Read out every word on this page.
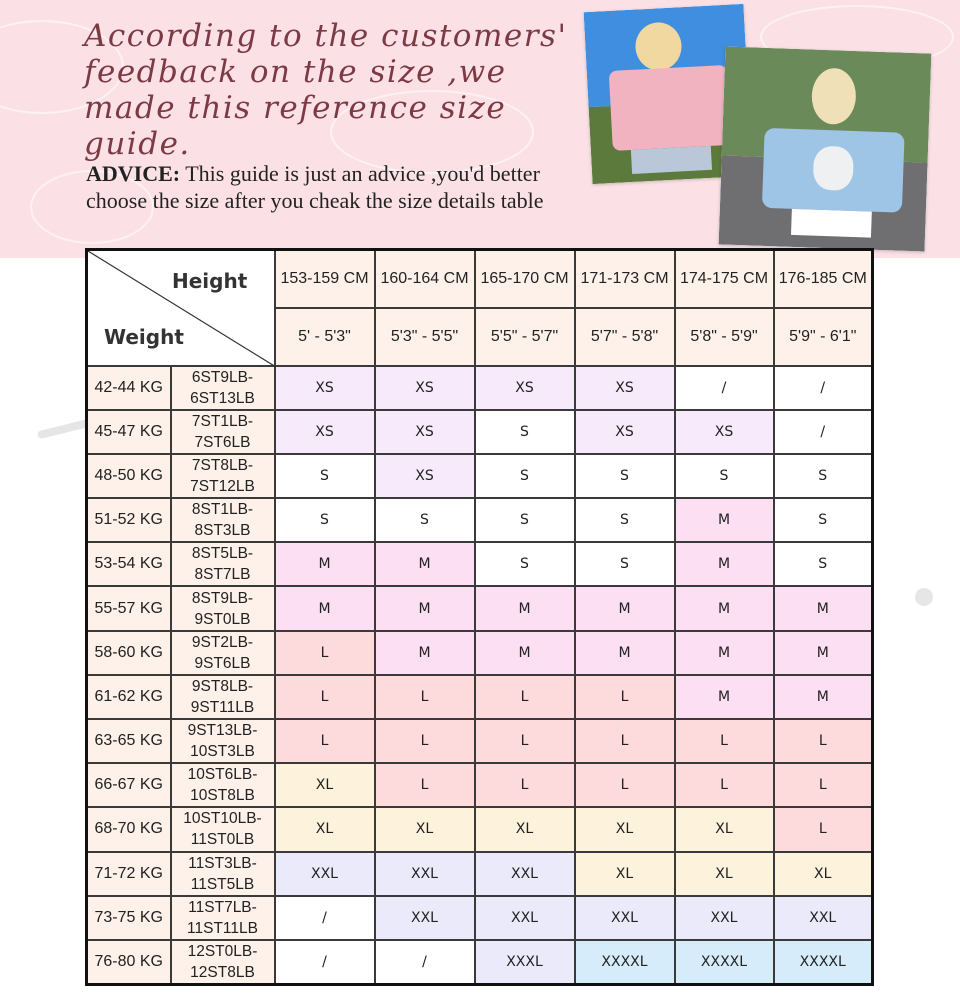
According to the customers' feedback on the size ,we made this reference size guide.

ADVICE: This guide is just an advice ,you'd better choose the size after you cheak the size details table

Height
Weight		153-159 CM	160-164 CM	165-170 CM	171-173 CM	174-175 CM	176-185 CM
		5' - 5'3"	5'3" - 5'5"	5'5" - 5'7"	5'7" - 5'8"	5'8" - 5'9"	5'9" - 6'1"
42-44 KG	6ST9LB-
6ST13LB	XS	XS	XS	XS	/	/
45-47 KG	7ST1LB-
7ST6LB	XS	XS	S	XS	XS	/
48-50 KG	7ST8LB-
7ST12LB	S	XS	S	S	S	S
51-52 KG	8ST1LB-
8ST3LB	S	S	S	S	M	S
53-54 KG	8ST5LB-
8ST7LB	M	M	S	S	M	S
55-57 KG	8ST9LB-
9ST0LB	M	M	M	M	M	M
58-60 KG	9ST2LB-
9ST6LB	L	M	M	M	M	M
61-62 KG	9ST8LB-
9ST11LB	L	L	L	L	M	M
63-65 KG	9ST13LB-
10ST3LB	L	L	L	L	L	L
66-67 KG	10ST6LB-
10ST8LB	XL	L	L	L	L	L
68-70 KG	10ST10LB-
11ST0LB	XL	XL	XL	XL	XL	L
71-72 KG	11ST3LB-
11ST5LB	XXL	XXL	XXL	XL	XL	XL
73-75 KG	11ST7LB-
11ST11LB	/	XXL	XXL	XXL	XXL	XXL
76-80 KG	12ST0LB-
12ST8LB	/	/	XXXL	XXXXL	XXXXL	XXXXL
